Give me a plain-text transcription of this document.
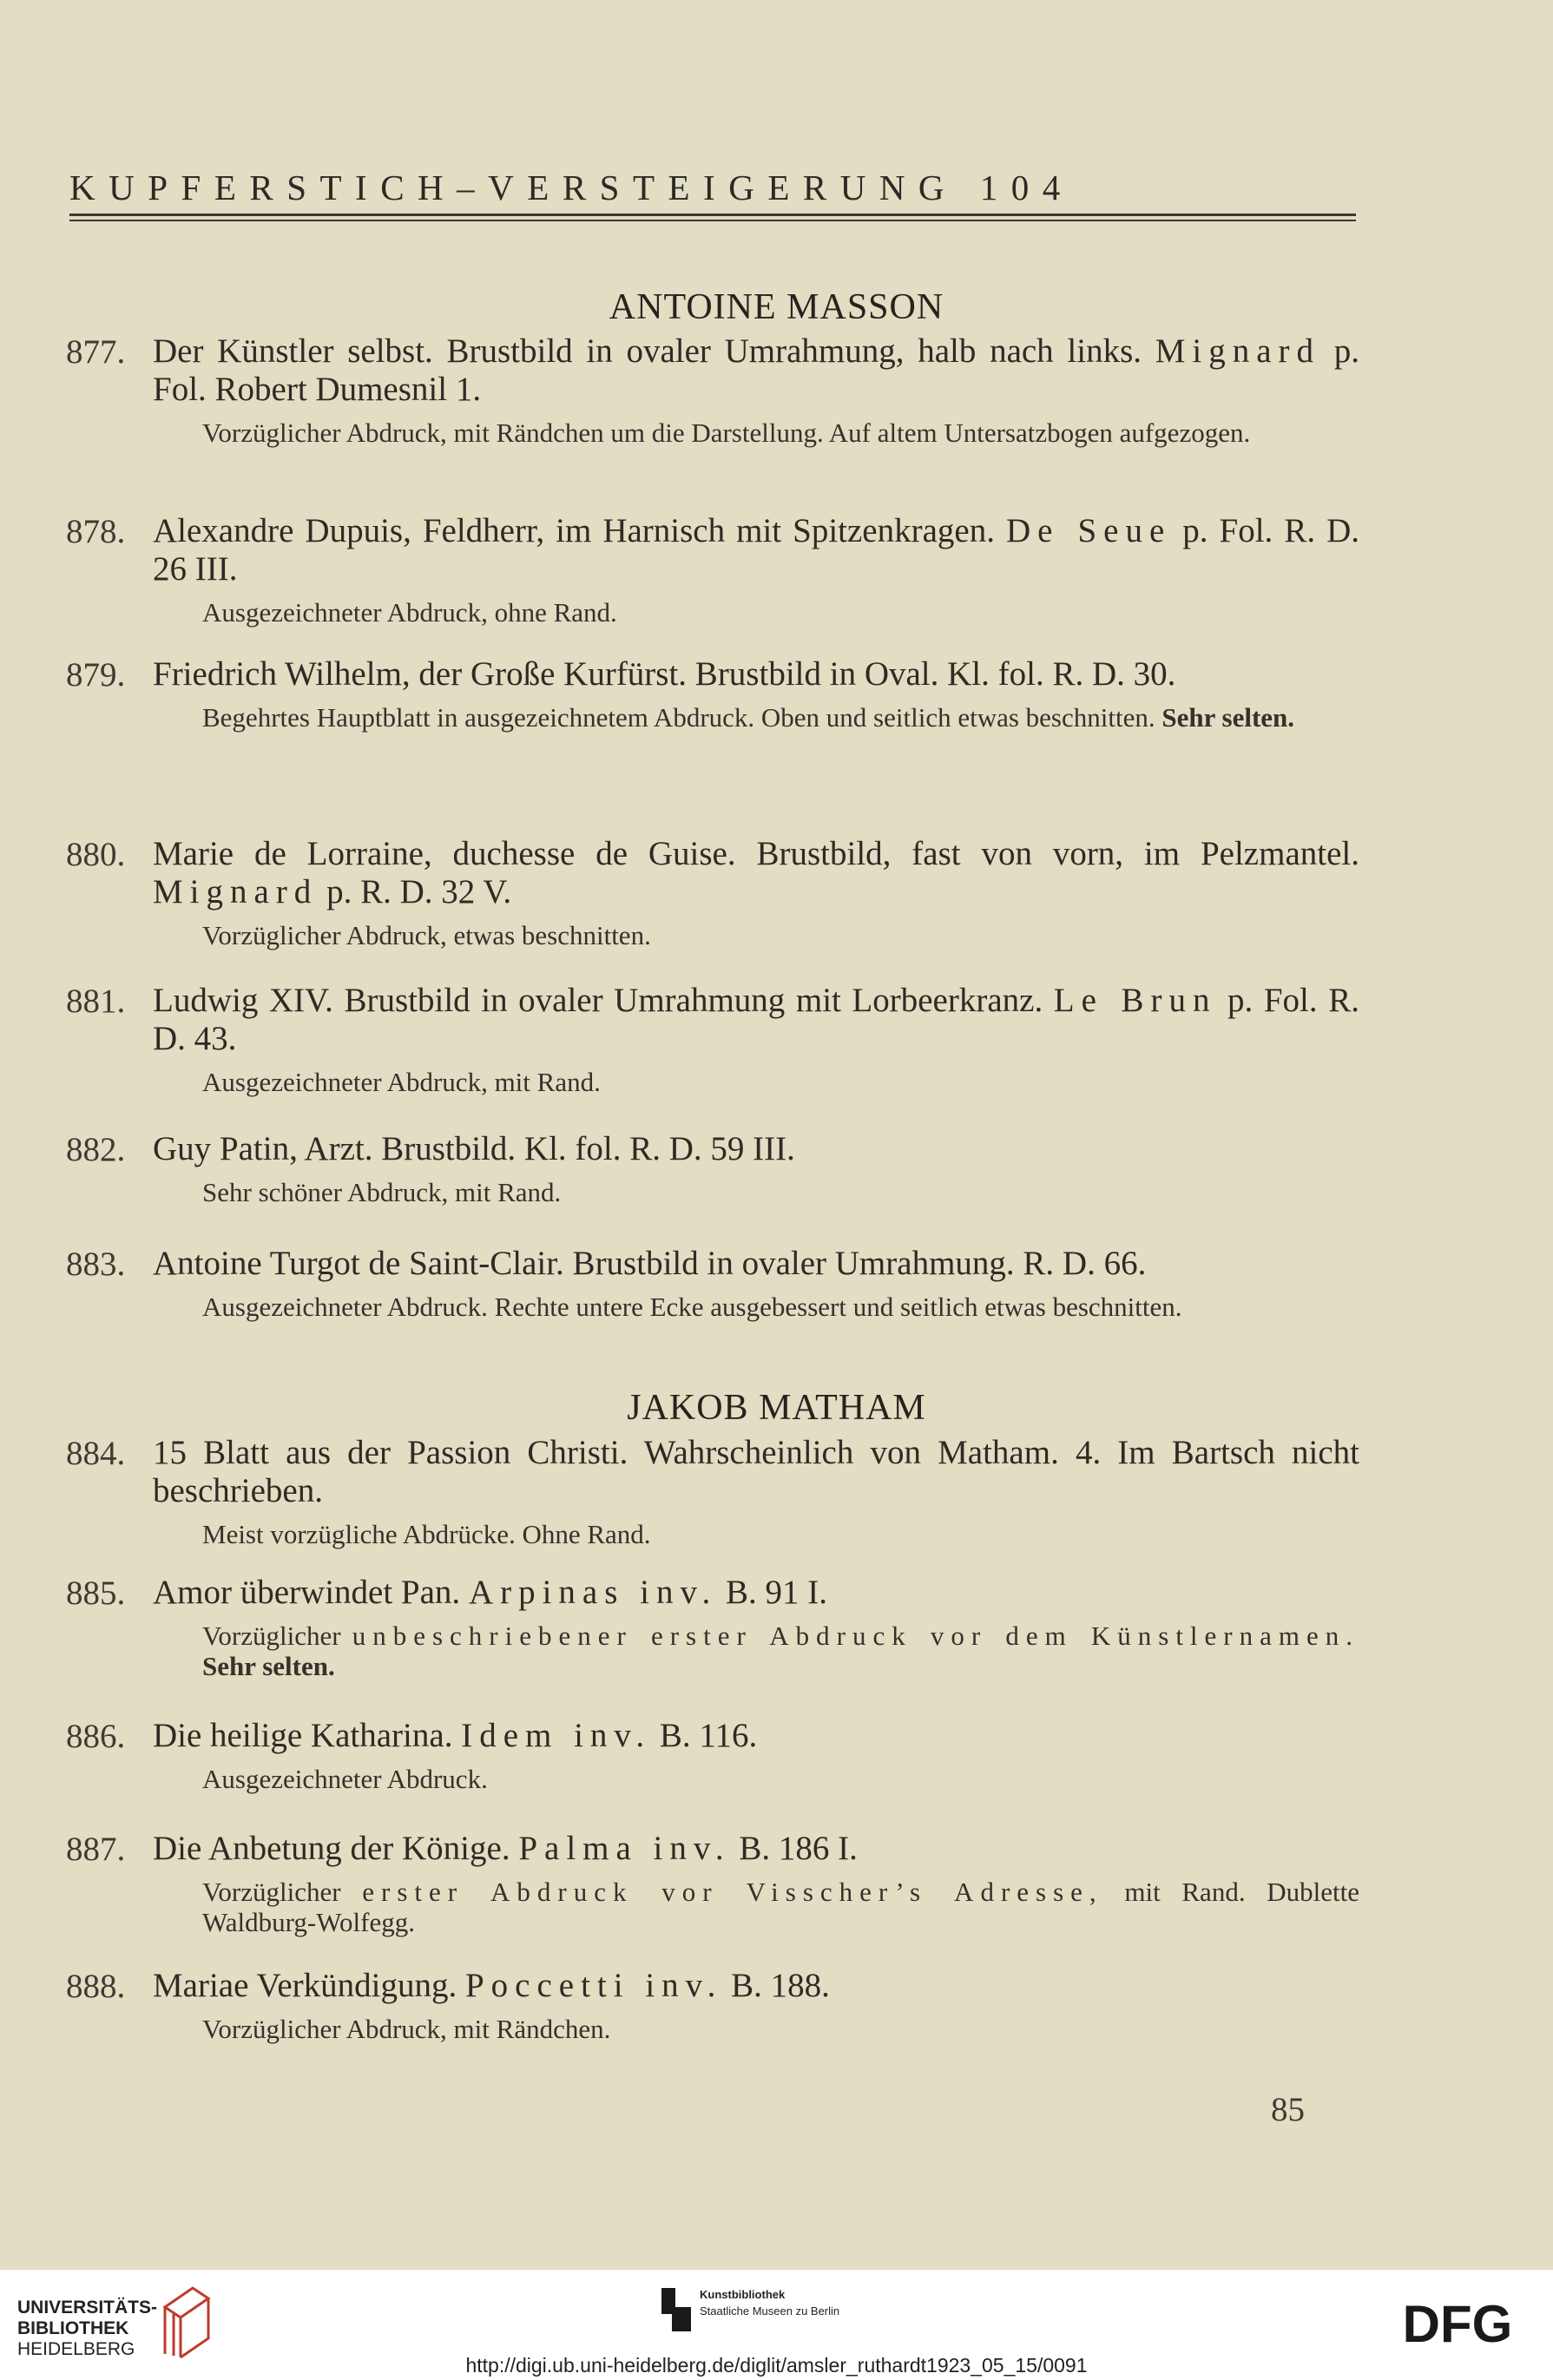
KUPFERSTICH–VERSTEIGERUNG 104
ANTOINE MASSON
877. Der Künstler selbst. Brustbild in ovaler Umrahmung, halb nach links. Mignard p. Fol. Robert Dumesnil 1.
Vorzüglicher Abdruck, mit Rändchen um die Darstellung. Auf altem Untersatzbogen aufgezogen.
878. Alexandre Dupuis, Feldherr, im Harnisch mit Spitzenkragen. De Seue p. Fol. R. D. 26 III.
Ausgezeichneter Abdruck, ohne Rand.
879. Friedrich Wilhelm, der Große Kurfürst. Brustbild in Oval. Kl. fol. R. D. 30.
Begehrtes Hauptblatt in ausgezeichnetem Abdruck. Oben und seitlich etwas beschnitten. Sehr selten.
880. Marie de Lorraine, duchesse de Guise. Brustbild, fast von vorn, im Pelzmantel. Mignard p. R. D. 32 V.
Vorzüglicher Abdruck, etwas beschnitten.
881. Ludwig XIV. Brustbild in ovaler Umrahmung mit Lorbeerkranz. Le Brun p. Fol. R. D. 43.
Ausgezeichneter Abdruck, mit Rand.
882. Guy Patin, Arzt. Brustbild. Kl. fol. R. D. 59 III.
Sehr schöner Abdruck, mit Rand.
883. Antoine Turgot de Saint-Clair. Brustbild in ovaler Umrahmung. R. D. 66.
Ausgezeichneter Abdruck. Rechte untere Ecke ausgebessert und seitlich etwas beschnitten.
JAKOB MATHAM
884. 15 Blatt aus der Passion Christi. Wahrscheinlich von Matham. 4. Im Bartsch nicht beschrieben.
Meist vorzügliche Abdrücke. Ohne Rand.
885. Amor überwindet Pan. Arpinas inv. B. 91 I.
Vorzüglicher unbeschriebener erster Abdruck vor dem Künstlernamen. Sehr selten.
886. Die heilige Katharina. Idem inv. B. 116.
Ausgezeichneter Abdruck.
887. Die Anbetung der Könige. Palma inv. B. 186 I.
Vorzüglicher erster Abdruck vor Visscher’s Adresse, mit Rand. Dublette Waldburg-Wolfegg.
888. Mariae Verkündigung. Poccetti inv. B. 188.
Vorzüglicher Abdruck, mit Rändchen.
85
UNIVERSITÄTS-
BIBLIOTHEK
HEIDELBERG
Kunstbibliothek
Staatliche Museen zu Berlin	DFG
http://digi.ub.uni-heidelberg.de/diglit/amsler_ruthardt1923_05_15/0091
